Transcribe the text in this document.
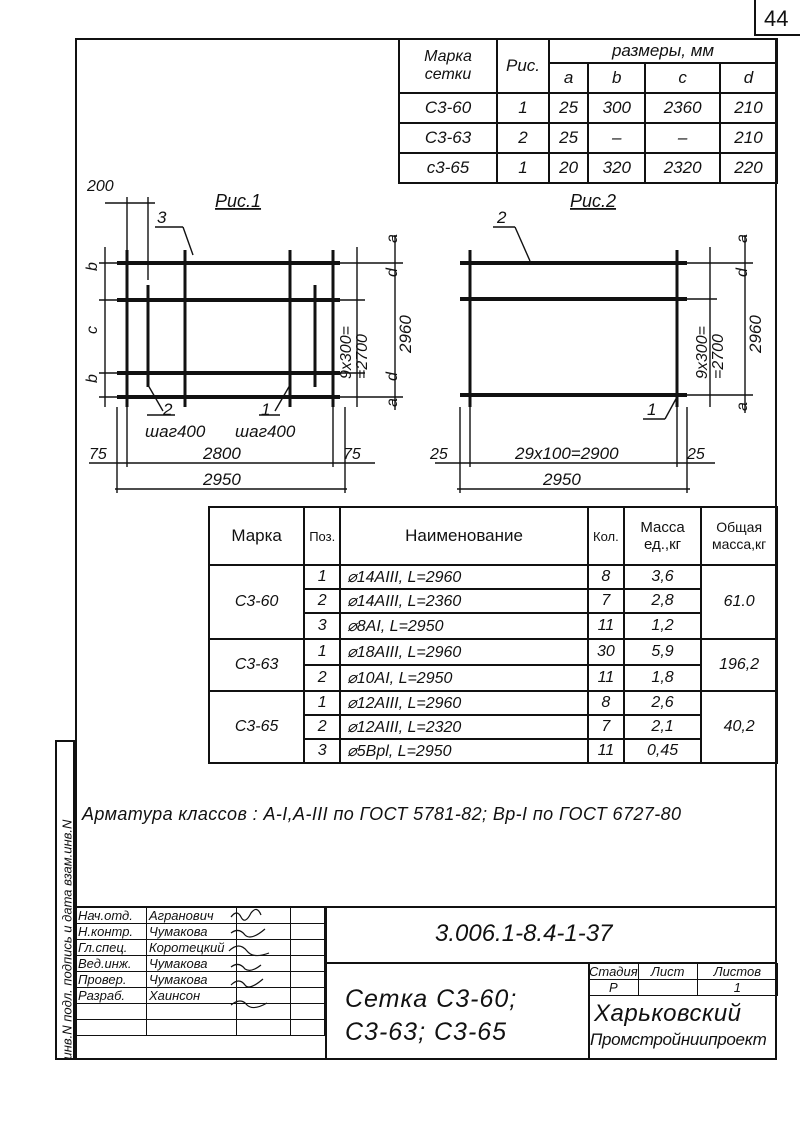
44
инв.N подл. подпись и дата взам.инв.N
Марка сетки	Рис.	размеры, мм			
		a	b	c	d
С3-60	1	25	300	2360	210
С3-63	2	25	–	–	210
с3-65	1	20	320	2320	220
200
Рис.1
3
2	1
шаг400 шаг400
b
c
b
a
d
d
a
9х300= =2700 2960
75	75
2800
2950
Рис.2
2
1
a
d
a
9х300= =2700 2960
25	25
29х100=2900
2950
Марка	Поз.	Наименование	Кол.	Масса ед.,кг	Общая масса,кг
С3-60	1	⌀14АIII, L=2960	8	3,6	61.0
	2	⌀14АIII, L=2360	7	2,8	
	3	⌀8АI, L=2950	11	1,2	
С3-63	1	⌀18АIII, L=2960	30	5,9	196,2
	2	⌀10АI, L=2950	11	1,8	
С3-65	1	⌀12АIII, L=2960	8	2,6	40,2
	2	⌀12АIII, L=2320	7	2,1	
	3	⌀5Bpl, L=2950	11	0,45	
Арматура классов : А-I,А-III по ГОСТ 5781-82; Вр-I по ГОСТ 6727-80
Нач.отд.	Агранович		
Н.контр.	Чумакова		
Гл.спец.	Коротецкий		
Вед.инж.	Чумакова		
Провер.	Чумакова		
Разраб.	Хаинсон		

3.006.1-8.4-1-37
Сетка С3-60;
С3-63; С3-65
Стадия	Лист	Листов
Р		1
Харьковский
Промстройниипроект
